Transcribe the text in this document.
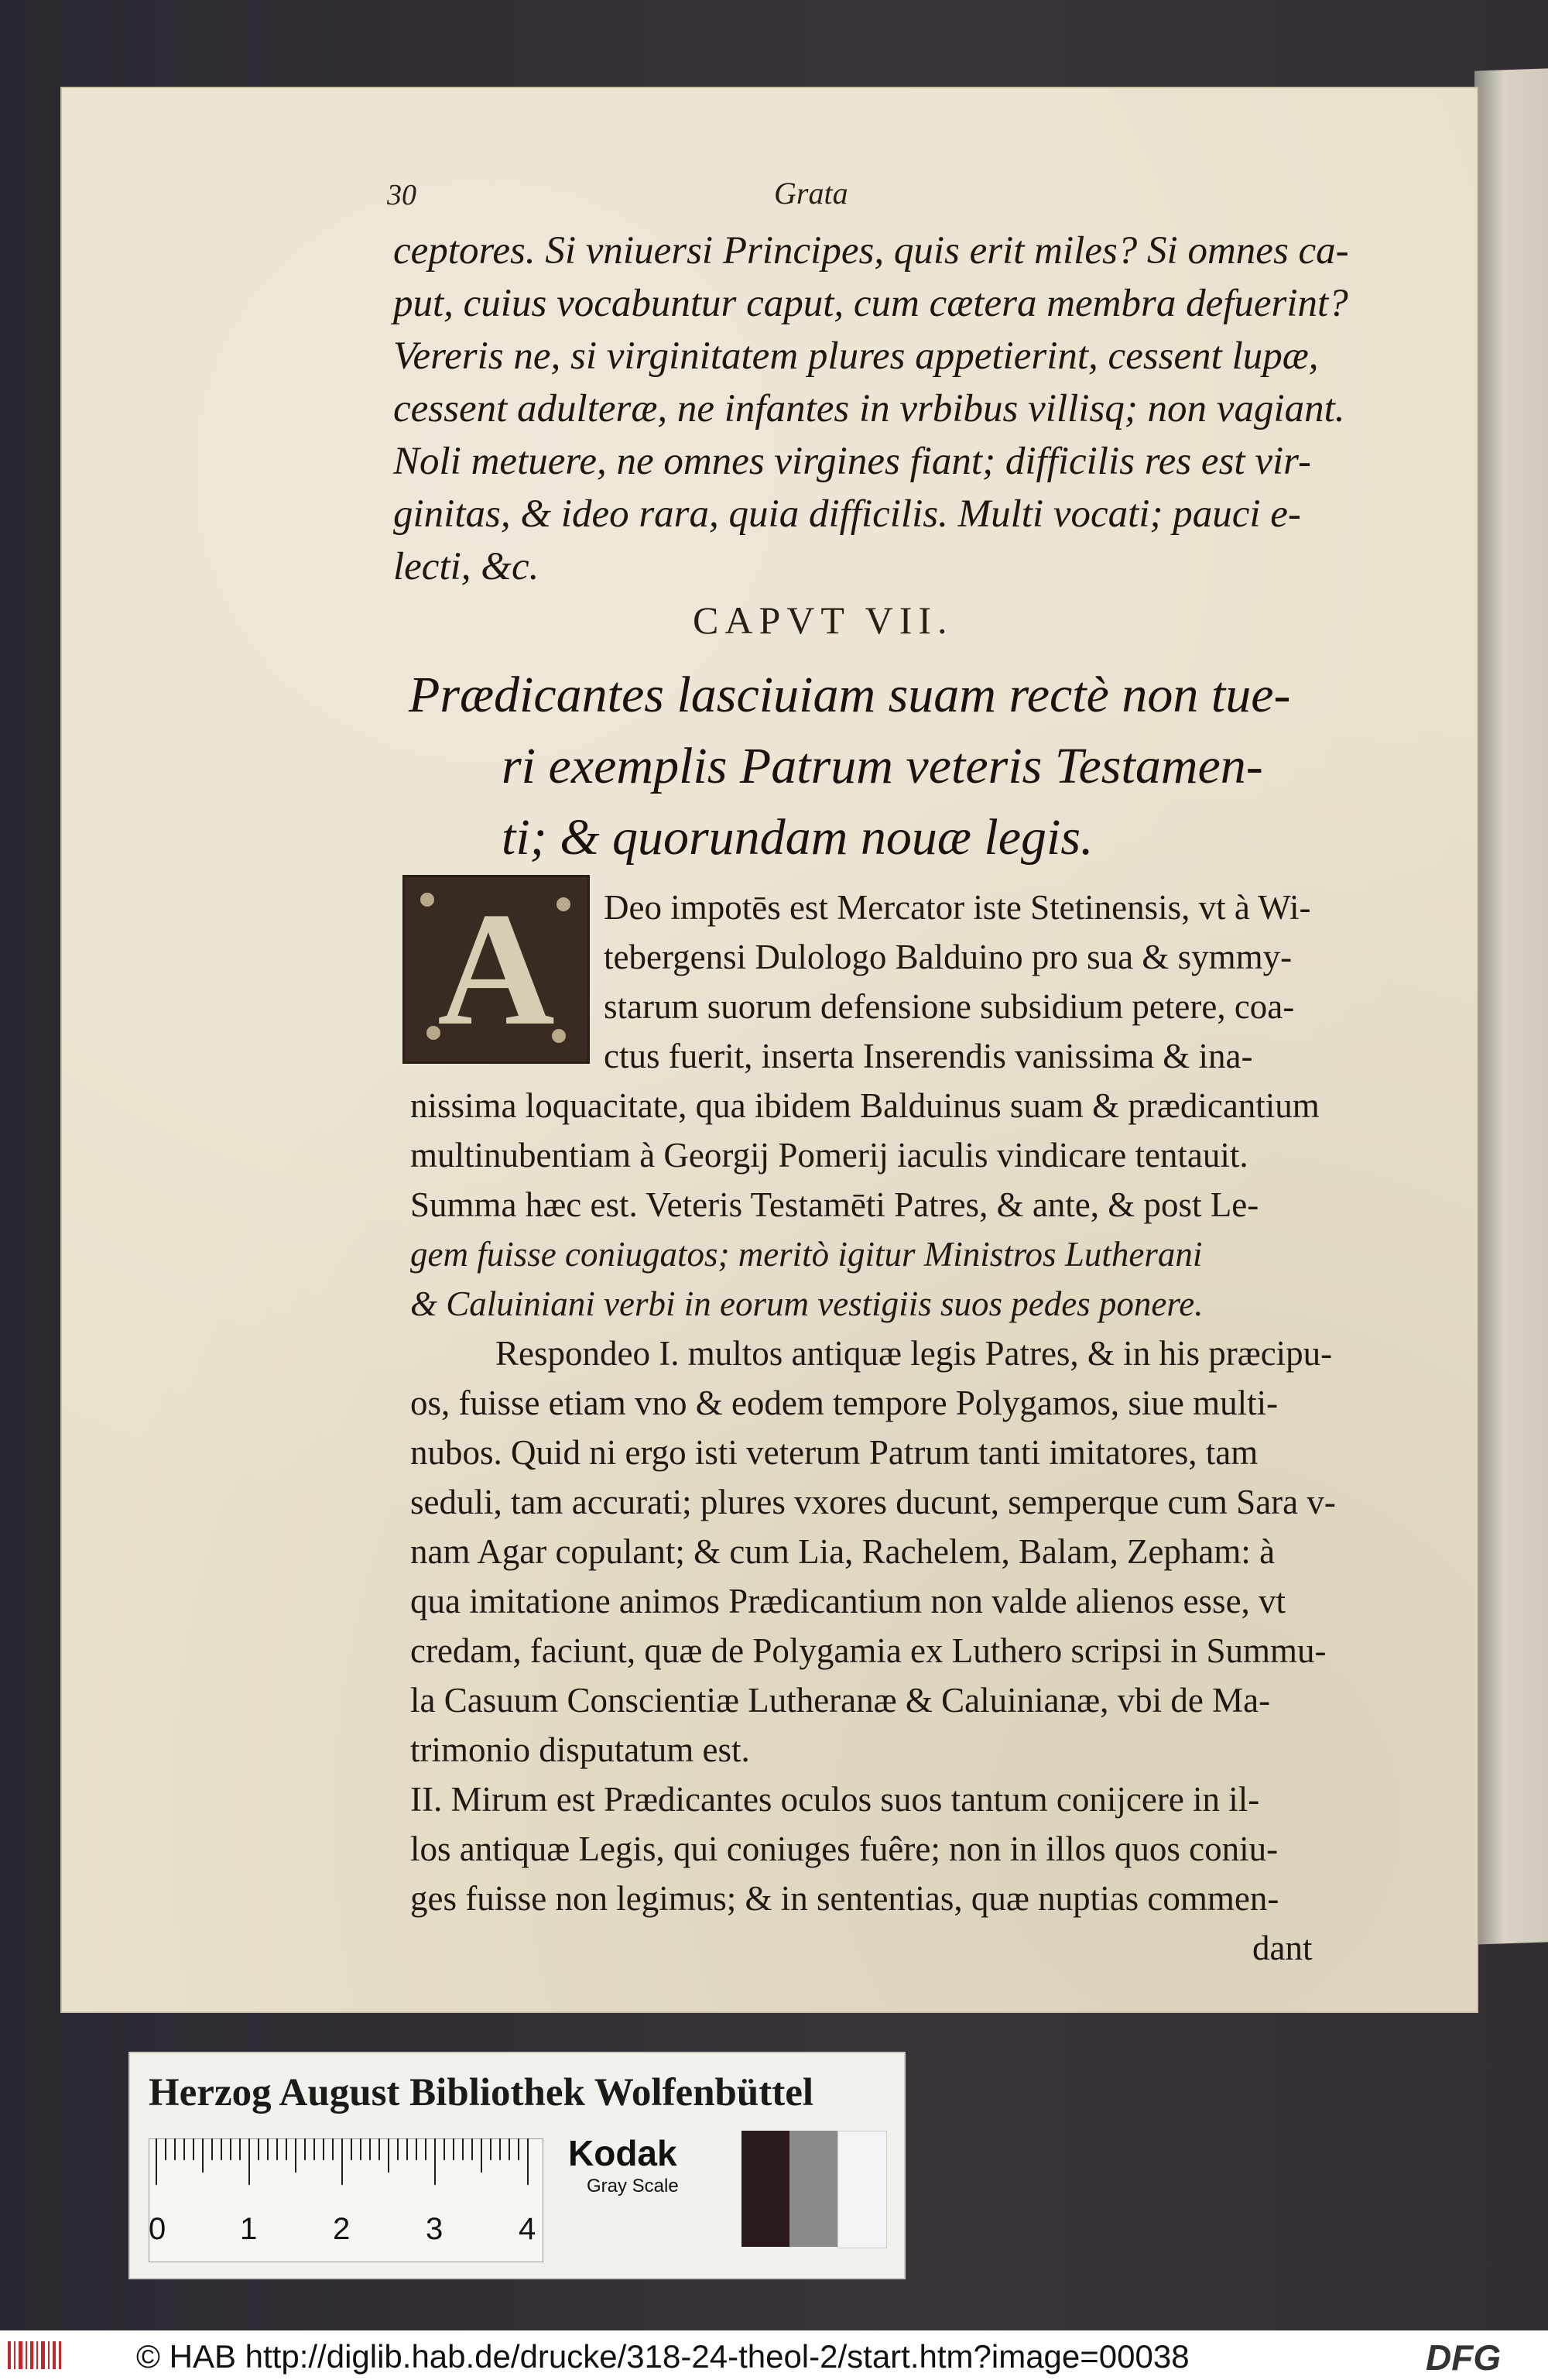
30	Grata
ceptores. Si vniuersi Principes, quis erit miles? Si omnes ca-
put, cuius vocabuntur caput, cum cætera membra defuerint?
Vereris ne, si virginitatem plures appetierint, cessent lupæ,
cessent adulteræ, ne infantes in vrbibus villisq; non vagiant.
Noli metuere, ne omnes virgines fiant; difficilis res est vir-
ginitas, & ideo rara, quia difficilis. Multi vocati; pauci e-
lecti, &c.
CAPVT VII.
Prædicantes lasciuiam suam rectè non tue-
ri exemplis Patrum veteris Testamen-
ti; & quorundam nouæ legis.
A	Deo impotēs est Mercator iste Stetinensis, vt à Wi-
tebergensi Dulologo Balduino pro sua & symmy-
starum suorum defensione subsidium petere, coa-
ctus fuerit, inserta Inserendis vanissima & ina-
nissima loquacitate, qua ibidem Balduinus suam & prædicantium
multinubentiam à Georgij Pomerij iaculis vindicare tentauit.
Summa hæc est. Veteris Testamēti Patres, & ante, & post Le-
gem fuisse coniugatos; meritò igitur Ministros Lutherani
& Caluiniani verbi in eorum vestigiis suos pedes ponere.
Respondeo I. multos antiquæ legis Patres, & in his præcipu-
os, fuisse etiam vno & eodem tempore Polygamos, siue multi-
nubos. Quid ni ergo isti veterum Patrum tanti imitatores, tam
seduli, tam accurati; plures vxores ducunt, semperque cum Sara v-
nam Agar copulant; & cum Lia, Rachelem, Balam, Zepham: à
qua imitatione animos Prædicantium non valde alienos esse, vt
credam, faciunt, quæ de Polygamia ex Luthero scripsi in Summu-
la Casuum Conscientiæ Lutheranæ & Caluinianæ, vbi de Ma-
trimonio disputatum est.
II. Mirum est Prædicantes oculos suos tantum conijcere in il-
los antiquæ Legis, qui coniuges fuêre; non in illos quos coniu-
ges fuisse non legimus; & in sententias, quæ nuptias commen-
dant
Herzog August Bibliothek Wolfenbüttel
0 1 2 3 4
Kodak
Gray Scale
© HAB http://diglib.hab.de/drucke/318-24-theol-2/start.htm?image=00038	DFG
